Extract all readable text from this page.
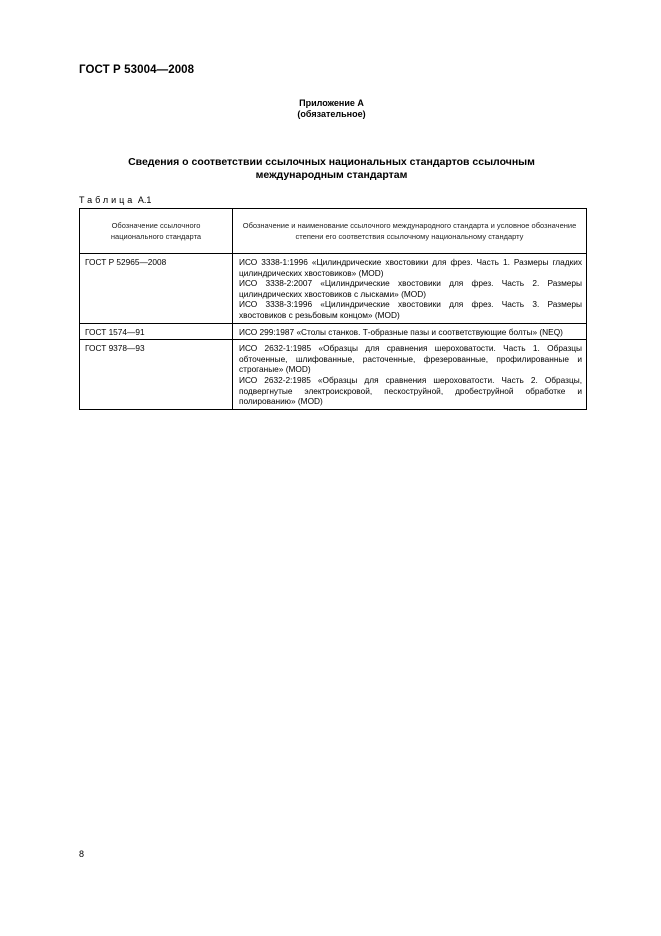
ГОСТ Р 53004—2008
Приложение А
(обязательное)
Сведения о соответствии ссылочных национальных стандартов ссылочным
международным стандартам
Таблица А.1
Обозначение ссылочного национального стандарта	Обозначение и наименование ссылочного международного стандарта и условное обозначение степени его соответствия ссылочному национальному стандарту
ГОСТ Р 52965—2008	ИСО 3338-1:1996 «Цилиндрические хвостовики для фрез. Часть 1. Размеры гладких цилиндрических хвостовиков» (MOD)
ИСО 3338-2:2007 «Цилиндрические хвостовики для фрез. Часть 2. Размеры цилиндрических хвостовиков с лысками» (MOD)
ИСО 3338-3:1996 «Цилиндрические хвостовики для фрез. Часть 3. Размеры хвостовиков с резьбовым концом» (MOD)

ГОСТ 1574—91	ИСО 299:1987 «Столы станков. Т-образные пазы и соответствующие болты» (NEQ)

ГОСТ 9378—93	ИСО 2632-1:1985 «Образцы для сравнения шероховатости. Часть 1. Образцы обточенные, шлифованные, расточенные, фрезерованные, профилированные и строганые» (MOD)
ИСО 2632-2:1985 «Образцы для сравнения шероховатости. Часть 2. Образцы, подвергнутые электроискровой, пескоструйной, дробеструйной обработке и полированию» (MOD)
8
